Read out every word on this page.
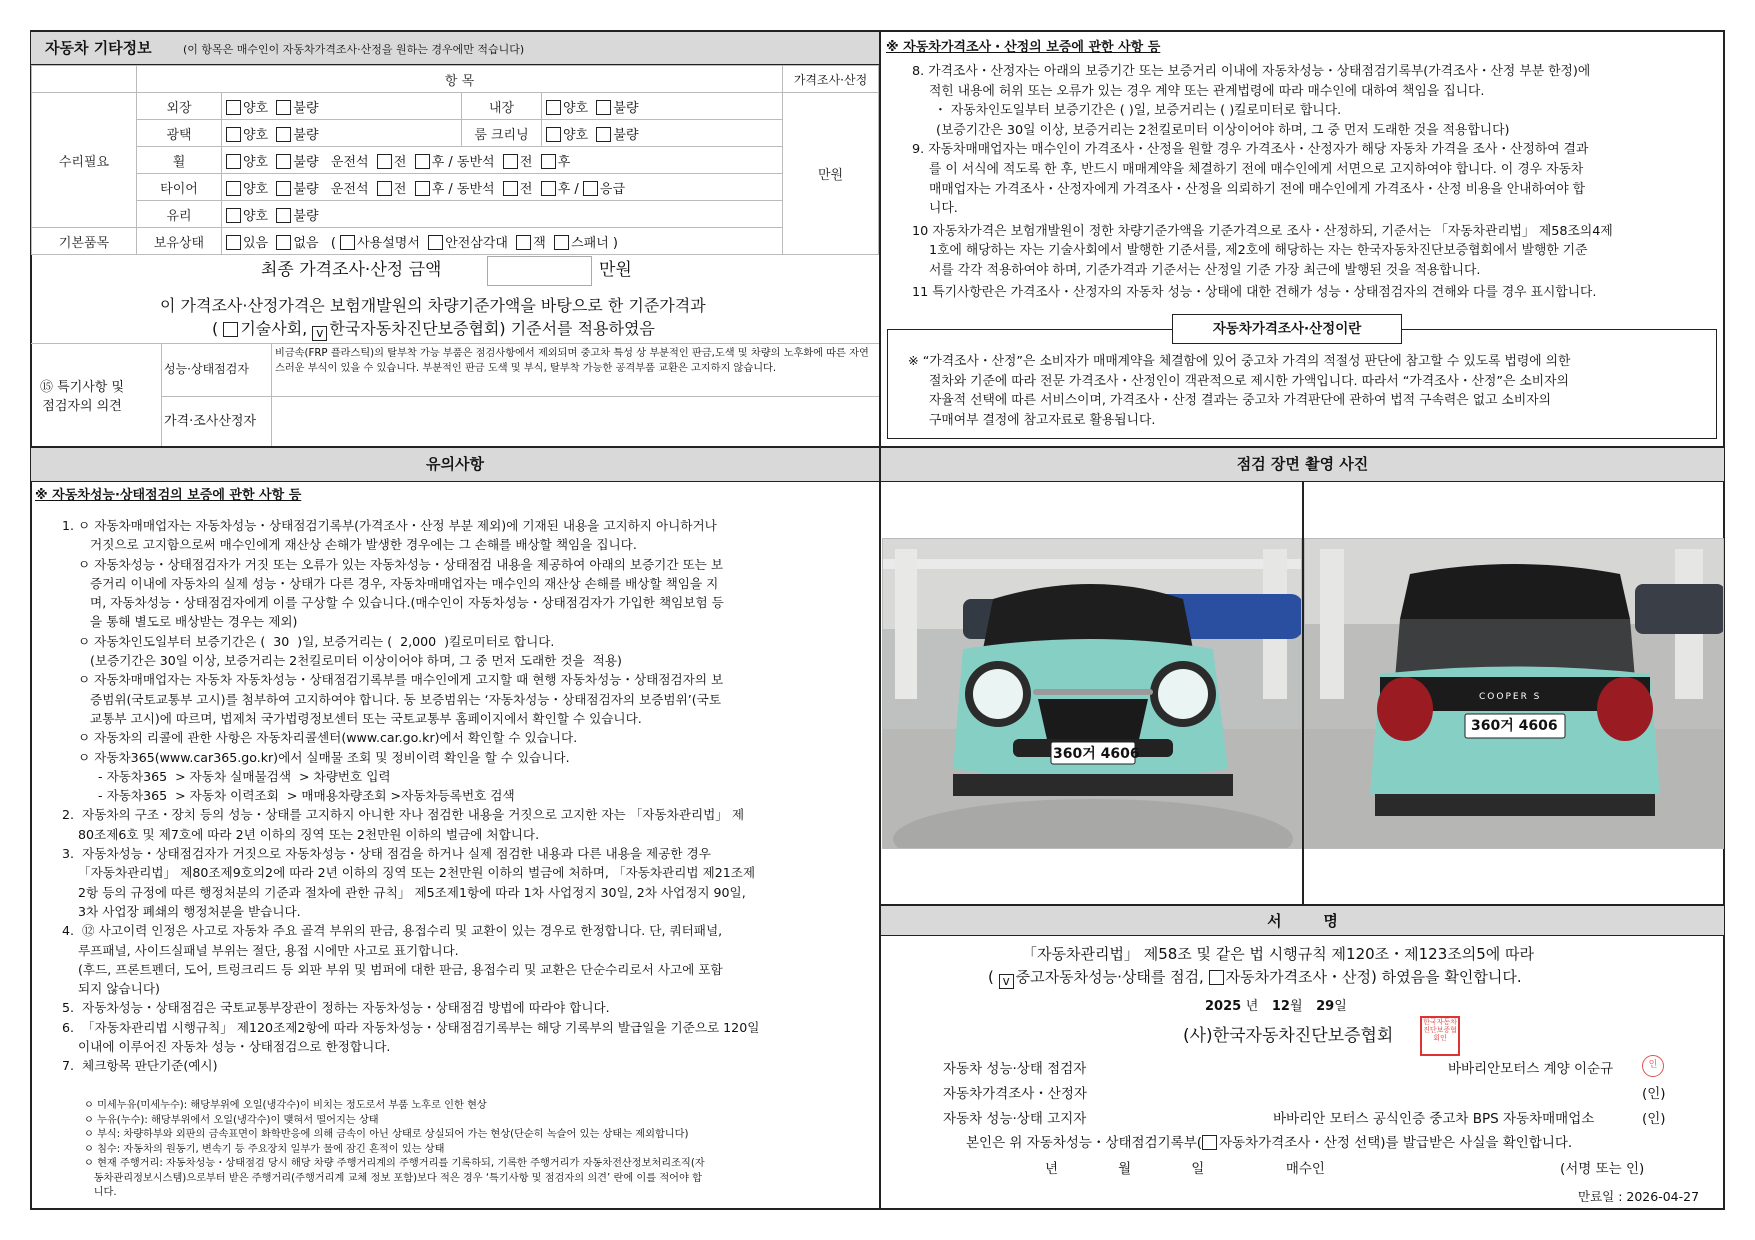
자동차 기타정보	(이 항목은 매수인이 자동차가격조사·산정을 원하는 경우에만 적습니다)
	항 목				가격조사·산정
수리필요	외장	양호 불량	내장	양호 불량	만원
	광택	양호 불량	룸 크리닝	양호 불량	
	휠	양호 불량 운전석 전 후 / 동반석 전 후			
	타이어	양호 불량 운전석 전 후 / 동반석 전 후 / 응급			
	유리	양호 불량			
기본품목	보유상태	있음 없음   ( 사용설명서 안전삼각대 잭 스패너 )			
최종 가격조사·산정 금액	만원
이 가격조사·산정가격은 보험개발원의 차량기준가액을 바탕으로 한 기준가격과
( 기술사회, v 한국자동차진단보증협회) 기준서를 적용하였음
⑮ 특기사항 및
점검자의 의견
성능·상태점검자
비금속(FRP 플라스틱)의 탈부착 가능 부품은 점검사항에서 제외되며 중고차 특성 상 부분적인 판금,도색 및 차량의 노후화에 따른 자연스러운 부식이 있을 수 있습니다. 부분적인 판금 도색 및 부식, 탈부착 가능한 공격부품 교환은 고지하지 않습니다.
가격·조사산정자
※ 자동차가격조사・산정의 보증에 관한 사항 등
8. 가격조사・산정자는 아래의 보증기간 또는 보증거리 이내에 자동차성능・상태점검기록부(가격조사・산정 부분 한정)에
적힌 내용에 허위 또는 오류가 있는 경우 계약 또는 관계법령에 따라 매수인에 대하여 책임을 집니다.
・ 자동차인도일부터 보증기간은 ( )일, 보증거리는 ( )킬로미터로 합니다.
(보증기간은 30일 이상, 보증거리는 2천킬로미터 이상이어야 하며, 그 중 먼저 도래한 것을 적용합니다)
9. 자동차매매업자는 매수인이 가격조사・산정을 원할 경우 가격조사・산정자가 해당 자동차 가격을 조사・산정하여 결과
를 이 서식에 적도록 한 후, 반드시 매매계약을 체결하기 전에 매수인에게 서면으로 고지하여야 합니다. 이 경우 자동차
매매업자는 가격조사・산정자에게 가격조사・산정을 의뢰하기 전에 매수인에게 가격조사・산정 비용을 안내하여야 합
니다.
10 자동차가격은 보험개발원이 정한 차량기준가액을 기준가격으로 조사・산정하되, 기준서는 「자동차관리법」 제58조의4제
1호에 해당하는 자는 기술사회에서 발행한 기준서를, 제2호에 해당하는 자는 한국자동차진단보증협회에서 발행한 기준
서를 각각 적용하여야 하며, 기준가격과 기준서는 산정일 기준 가장 최근에 발행된 것을 적용합니다.
11 특기사항란은 가격조사・산정자의 자동차 성능・상태에 대한 견해가 성능・상태점검자의 견해와 다를 경우 표시합니다.
자동차가격조사·산정이란
※ “가격조사・산정”은 소비자가 매매계약을 체결함에 있어 중고차 가격의 적절성 판단에 참고할 수 있도록 법령에 의한
절차와 기준에 따라 전문 가격조사・산정인이 객관적으로 제시한 가액입니다. 따라서 “가격조사・산정”은 소비자의
자율적 선택에 따른 서비스이며, 가격조사・산정 결과는 중고차 가격판단에 관하여 법적 구속력은 없고 소비자의
구매여부 결정에 참고자료로 활용됩니다.
유의사항
※ 자동차성능·상태점검의 보증에 관한 사항 등

1. ㅇ 자동차매매업자는 자동차성능・상태점검기록부(가격조사・산정 부분 제외)에 기재된 내용을 고지하지 아니하거나

거짓으로 고지함으로써 매수인에게 재산상 손해가 발생한 경우에는 그 손해를 배상할 책임을 집니다.

ㅇ 자동차성능・상태점검자가 거짓 또는 오류가 있는 자동차성능・상태점검 내용을 제공하여 아래의 보증기간 또는 보

증거리 이내에 자동차의 실제 성능・상태가 다른 경우, 자동차매매업자는 매수인의 재산상 손해를 배상할 책임을 지

며, 자동차성능・상태점검자에게 이를 구상할 수 있습니다.(매수인이 자동차성능・상태점검자가 가입한 책임보험 등

을 통해 별도로 배상받는 경우는 제외)

ㅇ 자동차인도일부터 보증기간은 (  30  )일, 보증거리는 (  2,000  )킬로미터로 합니다.

(보증기간은 30일 이상, 보증거리는 2천킬로미터 이상이어야 하며, 그 중 먼저 도래한 것을  적용)

ㅇ 자동차매매업자는 자동차 자동차성능・상태점검기록부를 매수인에게 고지할 때 현행 자동차성능・상태점검자의 보

증범위(국토교통부 고시)를 첨부하여 고지하여야 합니다. 동 보증범위는 ‘자동차성능・상태점검자의 보증범위’(국토

교통부 고시)에 따르며, 법제처 국가법령정보센터 또는 국토교통부 홈페이지에서 확인할 수 있습니다.

ㅇ 자동차의 리콜에 관한 사항은 자동차리콜센터(www.car.go.kr)에서 확인할 수 있습니다.

ㅇ 자동차365(www.car365.go.kr)에서 실매물 조회 및 정비이력 확인을 할 수 있습니다.

- 자동차365  > 자동차 실매물검색  > 차량번호 입력

- 자동차365  > 자동차 이력조회  > 매매용차량조회 >자동차등록번호 검색

2.  자동차의 구조・장치 등의 성능・상태를 고지하지 아니한 자나 점검한 내용을 거짓으로 고지한 자는 「자동차관리법」 제

80조제6호 및 제7호에 따라 2년 이하의 징역 또는 2천만원 이하의 벌금에 처합니다.

3.  자동차성능・상태점검자가 거짓으로 자동차성능・상태 점검을 하거나 실제 점검한 내용과 다른 내용을 제공한 경우

「자동차관리법」 제80조제9호의2에 따라 2년 이하의 징역 또는 2천만원 이하의 벌금에 처하며, 「자동차관리법 제21조제

2항 등의 규정에 따른 행정처분의 기준과 절차에 관한 규칙」 제5조제1항에 따라 1차 사업정지 30일, 2차 사업정지 90일,

3차 사업장 폐쇄의 행정처분을 받습니다.

4.  ⑫ 사고이력 인정은 사고로 자동차 주요 골격 부위의 판금, 용접수리 및 교환이 있는 경우로 한정합니다. 단, 쿼터패널,

루프패널, 사이드실패널 부위는 절단, 용접 시에만 사고로 표기합니다.

(후드, 프론트펜더, 도어, 트렁크리드 등 외판 부위 및 범퍼에 대한 판금, 용접수리 및 교환은 단순수리로서 사고에 포함

되지 않습니다)

5.  자동차성능・상태점검은 국토교통부장관이 정하는 자동차성능・상태점검 방법에 따라야 합니다.

6.  「자동차관리법 시행규칙」 제120조제2항에 따라 자동차성능・상태점검기록부는 해당 기록부의 발급일을 기준으로 120일

이내에 이루어진 자동차 성능・상태점검으로 한정합니다.

7.  체크항목 판단기준(예시)

ㅇ 미세누유(미세누수): 해당부위에 오일(냉각수)이 비치는 정도로서 부품 노후로 인한 현상
ㅇ 누유(누수): 해당부위에서 오일(냉각수)이 맺혀서 떨어지는 상태
ㅇ 부식: 차량하부와 외판의 금속표면이 화학반응에 의해 금속이 아닌 상태로 상실되어 가는 현상(단순히 녹슬어 있는 상태는 제외합니다)
ㅇ 침수: 자동차의 원동기, 변속기 등 주요장치 일부가 물에 잠긴 흔적이 있는 상태
ㅇ 현재 주행거리: 자동차성능・상태점검 당시 해당 차량 주행거리계의 주행거리를 기록하되, 기록한 주행거리가 자동차전산정보처리조직(자
동차관리정보시스템)으로부터 받은 주행거리(주행거리계 교체 정보 포함)보다 적은 경우 ‘특기사항 및 점검자의 의견’ 란에 이를 적어야 합
니다.
점검 장면 촬영 사진
360거 4606
COOPER S
360거 4606
서        명
「자동차관리법」 제58조 및 같은 법 시행규칙 제120조・제123조의5에 따라
( v 중고자동차성능·상태를 점검, 자동차가격조사・산정) 하였음을 확인합니다.
2025 년 12월 29일
(사)한국자동차진단보증협회
한국자동차진단보증협회인
자동차 성능·상태 점검자	바바리안모터스 계양 이순규	인
자동차가격조사・산정자	(인)
자동차 성능·상태 고지자	바바리안 모터스 공식인증 중고차 BPS 자동차매매업소	(인)
본인은 위 자동차성능・상태점검기록부( 자동차가격조사・산정 선택)를 발급받은 사실을 확인합니다.
년	월	일	매수인	(서명 또는 인)
만료일 : 2026-04-27
